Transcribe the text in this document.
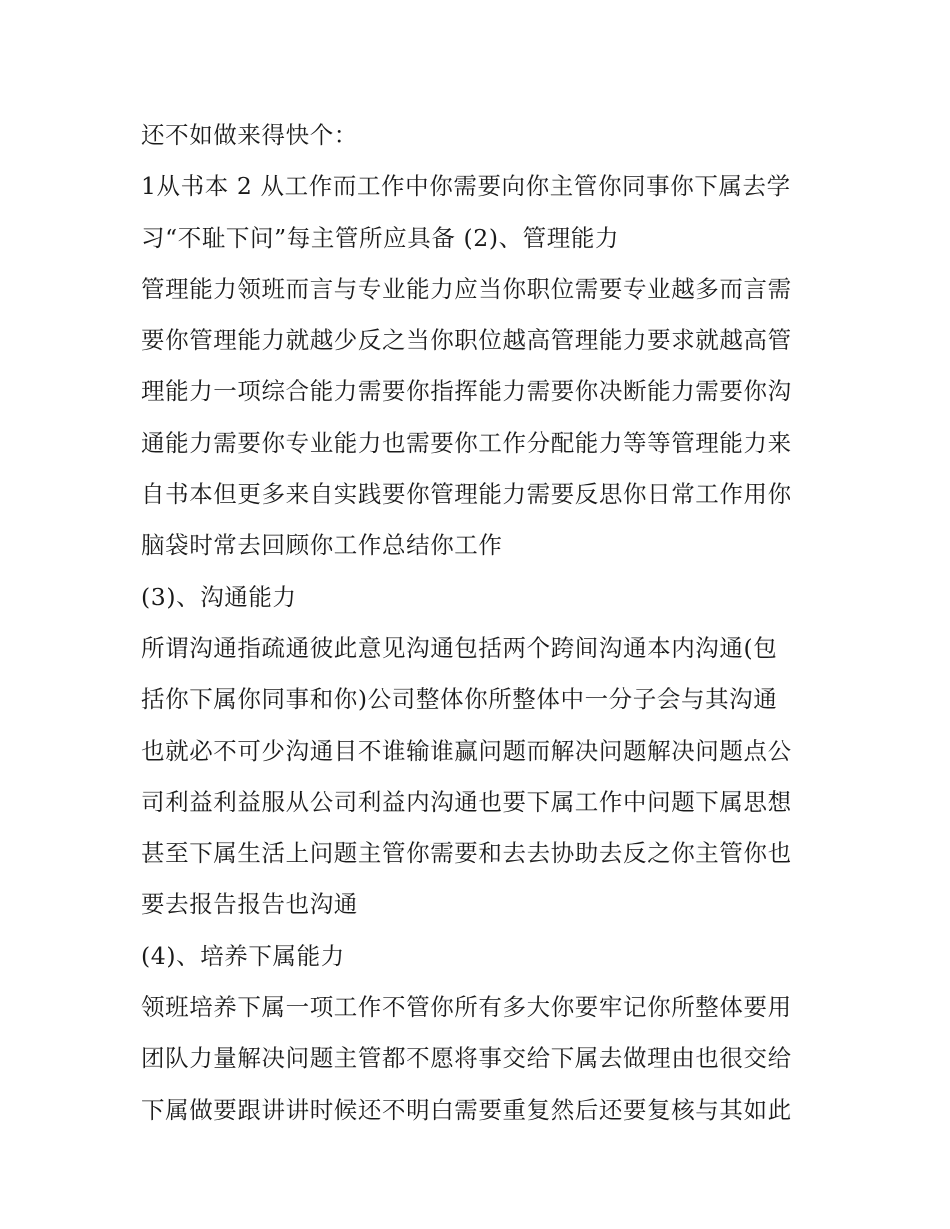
还不如做来得快个：
1从书本 2 从工作而工作中你需要向你主管你同事你下属去学
习“不耻下问”每主管所应具备 (2)、管理能力
管理能力领班而言与专业能力应当你职位需要专业越多而言需
要你管理能力就越少反之当你职位越高管理能力要求就越高管
理能力一项综合能力需要你指挥能力需要你决断能力需要你沟
通能力需要你专业能力也需要你工作分配能力等等管理能力来
自书本但更多来自实践要你管理能力需要反思你日常工作用你
脑袋时常去回顾你工作总结你工作
(3)、沟通能力
所谓沟通指疏通彼此意见沟通包括两个跨间沟通本内沟通(包
括你下属你同事和你)公司整体你所整体中一分子会与其沟通
也就必不可少沟通目不谁输谁赢问题而解决问题解决问题点公
司利益利益服从公司利益内沟通也要下属工作中问题下属思想
甚至下属生活上问题主管你需要和去去协助去反之你主管你也
要去报告报告也沟通
(4)、培养下属能力
领班培养下属一项工作不管你所有多大你要牢记你所整体要用
团队力量解决问题主管都不愿将事交给下属去做理由也很交给
下属做要跟讲讲时候还不明白需要重复然后还要复核与其如此
